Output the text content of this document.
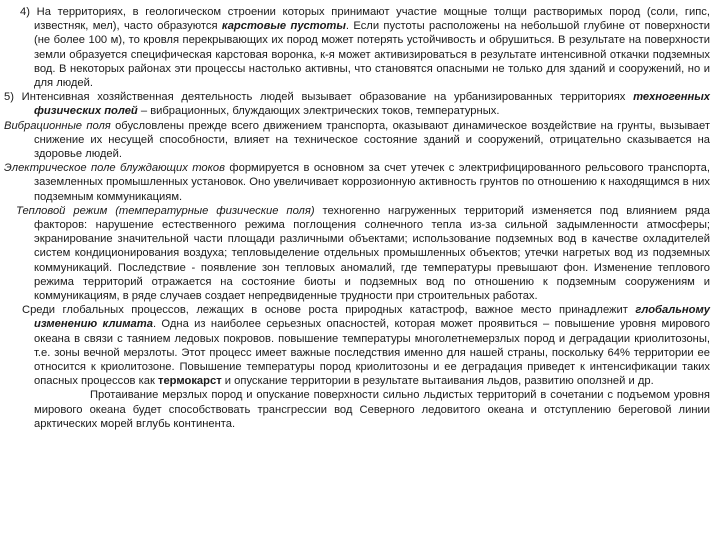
4) На территориях, в геологическом строении которых принимают участие мощные толщи растворимых пород (соли, гипс, известняк, мел), часто образуются карстовые пустоты. Если пустоты расположены на небольшой глубине от поверхности (не более 100 м), то кровля перекрывающих их пород может потерять устойчивость и обрушиться. В результате на поверхности земли образуется специфическая карстовая воронка, к-я может активизироваться в результате интенсивной откачки подземных вод. В некоторых районах эти процессы настолько активны, что становятся опасными не только для зданий и сооружений, но и для людей.

5) Интенсивная хозяйственная деятельность людей вызывает образование на урбанизированных территориях техногенных физических полей – вибрационных, блуждающих электрических токов, температурных.

Вибрационные поля обусловлены прежде всего движением транспорта, оказывают динамическое воздействие на грунты, вызывает снижение их несущей способности, влияет на техническое состояние зданий и сооружений, отрицательно сказывается на здоровье людей.

Электрическое поле блуждающих токов формируется в основном за счет утечек с электрифицированного рельсового транспорта, заземленных промышленных установок. Оно увеличивает коррозионную активность грунтов по отношению к находящимся в них подземным коммуникациям.

Тепловой режим (температурные физические поля) техногенно нагруженных территорий изменяется под влиянием ряда факторов: нарушение естественного режима поглощения солнечного тепла из-за сильной задымленности атмосферы; экранирование значительной части площади различными объектами; использование подземных вод в качестве охладителей систем кондиционирования воздуха; тепловыделение отдельных промышленных объектов; утечки нагретых вод из подземных коммуникаций. Последствие - появление зон тепловых аномалий, где температуры превышают фон. Изменение теплового режима территорий отражается на состояние биоты и подземных вод по отношению к подземным сооружениям и коммуникациям, в ряде случаев создает непредвиденные трудности при строительных работах.

Среди глобальных процессов, лежащих в основе роста природных катастроф, важное место принадлежит глобальному изменению климата. Одна из наиболее серьезных опасностей, которая может проявиться – повышение уровня мирового океана в связи с таянием ледовых покровов. повышение температуры многолетнемерзлых пород и деградации криолитозоны, т.е. зоны вечной мерзлоты. Этот процесс имеет важные последствия именно для нашей страны, поскольку 64% территории ее относится к криолитозоне. Повышение температуры пород криолитозоны и ее деградация приведет к интенсификации таких опасных процессов как термокарст и опускание территории в результате вытаивания льдов, развитию оползней и др.

Протаивание мерзлых пород и опускание поверхности сильно льдистых территорий в сочетании с подъемом уровня мирового океана будет способствовать трансгрессии вод Северного ледовитого океана и отступлению береговой линии арктических морей вглубь континента.
